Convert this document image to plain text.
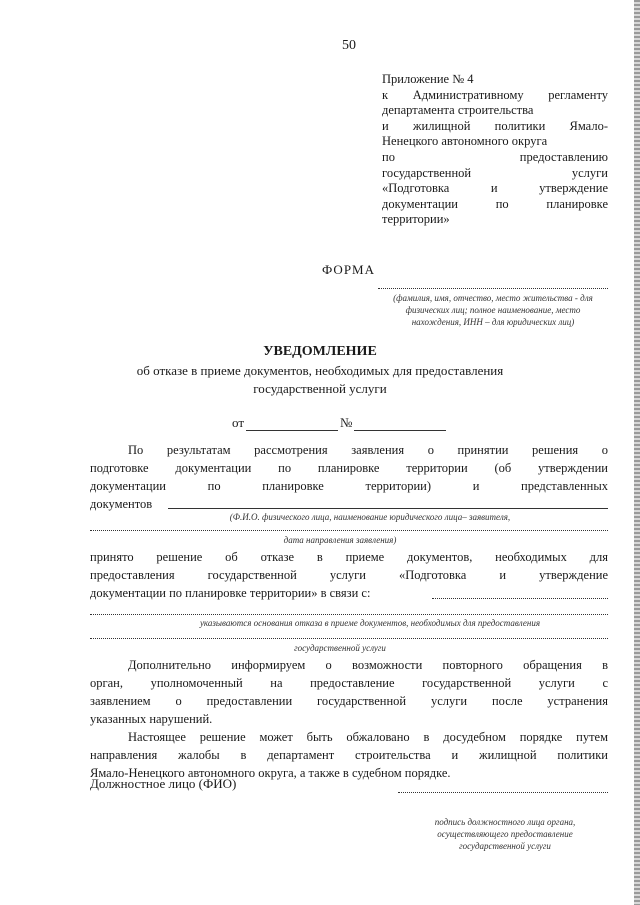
50
Приложение № 4
к Административному регламенту
департамента строительства
и жилищной политики Ямало-
Ненецкого автономного округа
по предоставлению
государственной услуги
«Подготовка и утверждение
документации по планировке
территории»
ФОРМА
(фамилия, имя, отчество, место жительства - для
физических лиц; полное наименование, место
нахождения, ИНН – для юридических лиц)
УВЕДОМЛЕНИЕ
об отказе в приеме документов, необходимых для предоставления
государственной услуги
от	№
По результатам рассмотрения заявления о принятии решения о
подготовке документации по планировке территории (об утверждении
документации по планировке территории) и представленных
документов
(Ф.И.О. физического лица, наименование юридического лица– заявителя,
дата направления заявления)
принято решение об отказе в приеме документов, необходимых для
предоставления государственной услуги «Подготовка и утверждение
документации по планировке территории» в связи с:
указываются основания отказа в приеме документов, необходимых для предоставления
государственной услуги
Дополнительно информируем о возможности повторного обращения в
орган, уполномоченный на предоставление государственной услуги с
заявлением о предоставлении государственной услуги после устранения
указанных нарушений.
Настоящее решение может быть обжаловано в досудебном порядке путем
направления жалобы в департамент строительства и жилищной политики
Ямало-Ненецкого автономного округа, а также в судебном порядке.
Должностное лицо (ФИО)
подпись должностного лица органа,
осуществляющего предоставление
государственной услуги
